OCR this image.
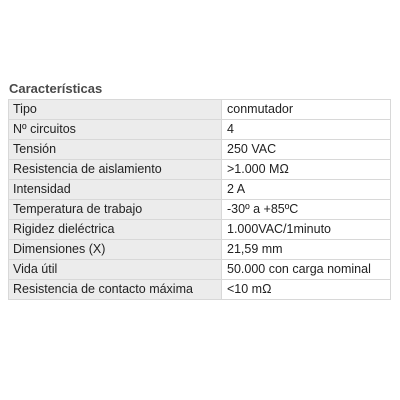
Características
Tipo	conmutador
Nº circuitos	4
Tensión	250 VAC
Resistencia de aislamiento	>1.000 MΩ
Intensidad	2 A
Temperatura de trabajo	-30º a +85ºC
Rigidez dieléctrica	1.000VAC/1minuto
Dimensiones (X)	21,59 mm
Vida útil	50.000 con carga nominal
Resistencia de contacto máxima	<10 mΩ
